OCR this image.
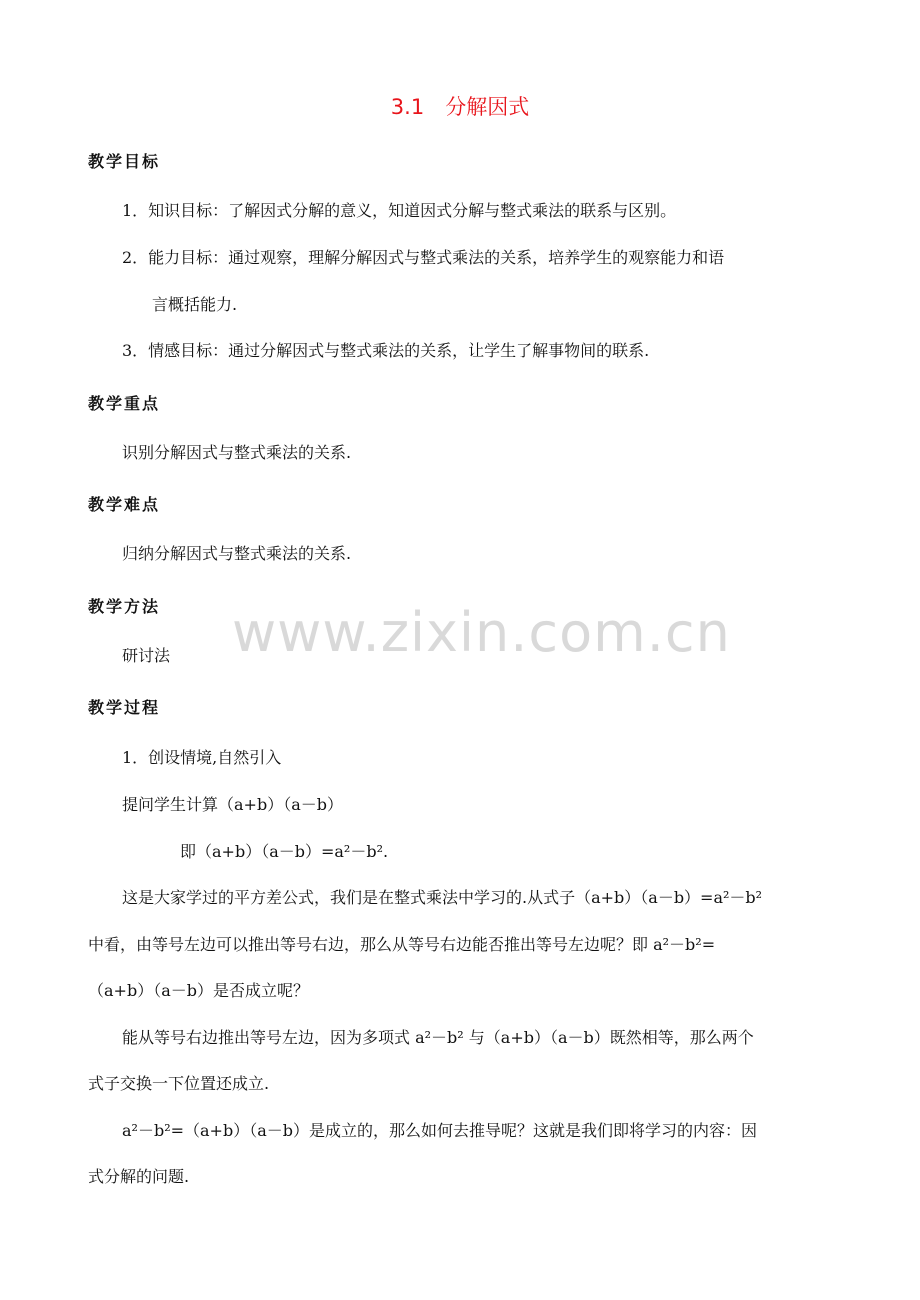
www.zixin.com.cn
3.1　分解因式
教学目标
1．知识目标：了解因式分解的意义，知道因式分解与整式乘法的联系与区别。
2．能力目标：通过观察，理解分解因式与整式乘法的关系，培养学生的观察能力和语
言概括能力.
3．情感目标：通过分解因式与整式乘法的关系，让学生了解事物间的联系.
教学重点
识别分解因式与整式乘法的关系.
教学难点
归纳分解因式与整式乘法的关系.
教学方法
研讨法
教学过程
1．创设情境,自然引入
提问学生计算（a+b）（a－b）
即（a+b）（a－b）=a²－b².
这是大家学过的平方差公式，我们是在整式乘法中学习的.从式子（a+b）（a－b）=a²－b²
中看，由等号左边可以推出等号右边，那么从等号右边能否推出等号左边呢？即 a²－b²=
（a+b）（a－b）是否成立呢？
能从等号右边推出等号左边，因为多项式 a²－b² 与（a+b）（a－b）既然相等，那么两个
式子交换一下位置还成立.
a²－b²=（a+b）（a－b）是成立的，那么如何去推导呢？这就是我们即将学习的内容：因
式分解的问题.
